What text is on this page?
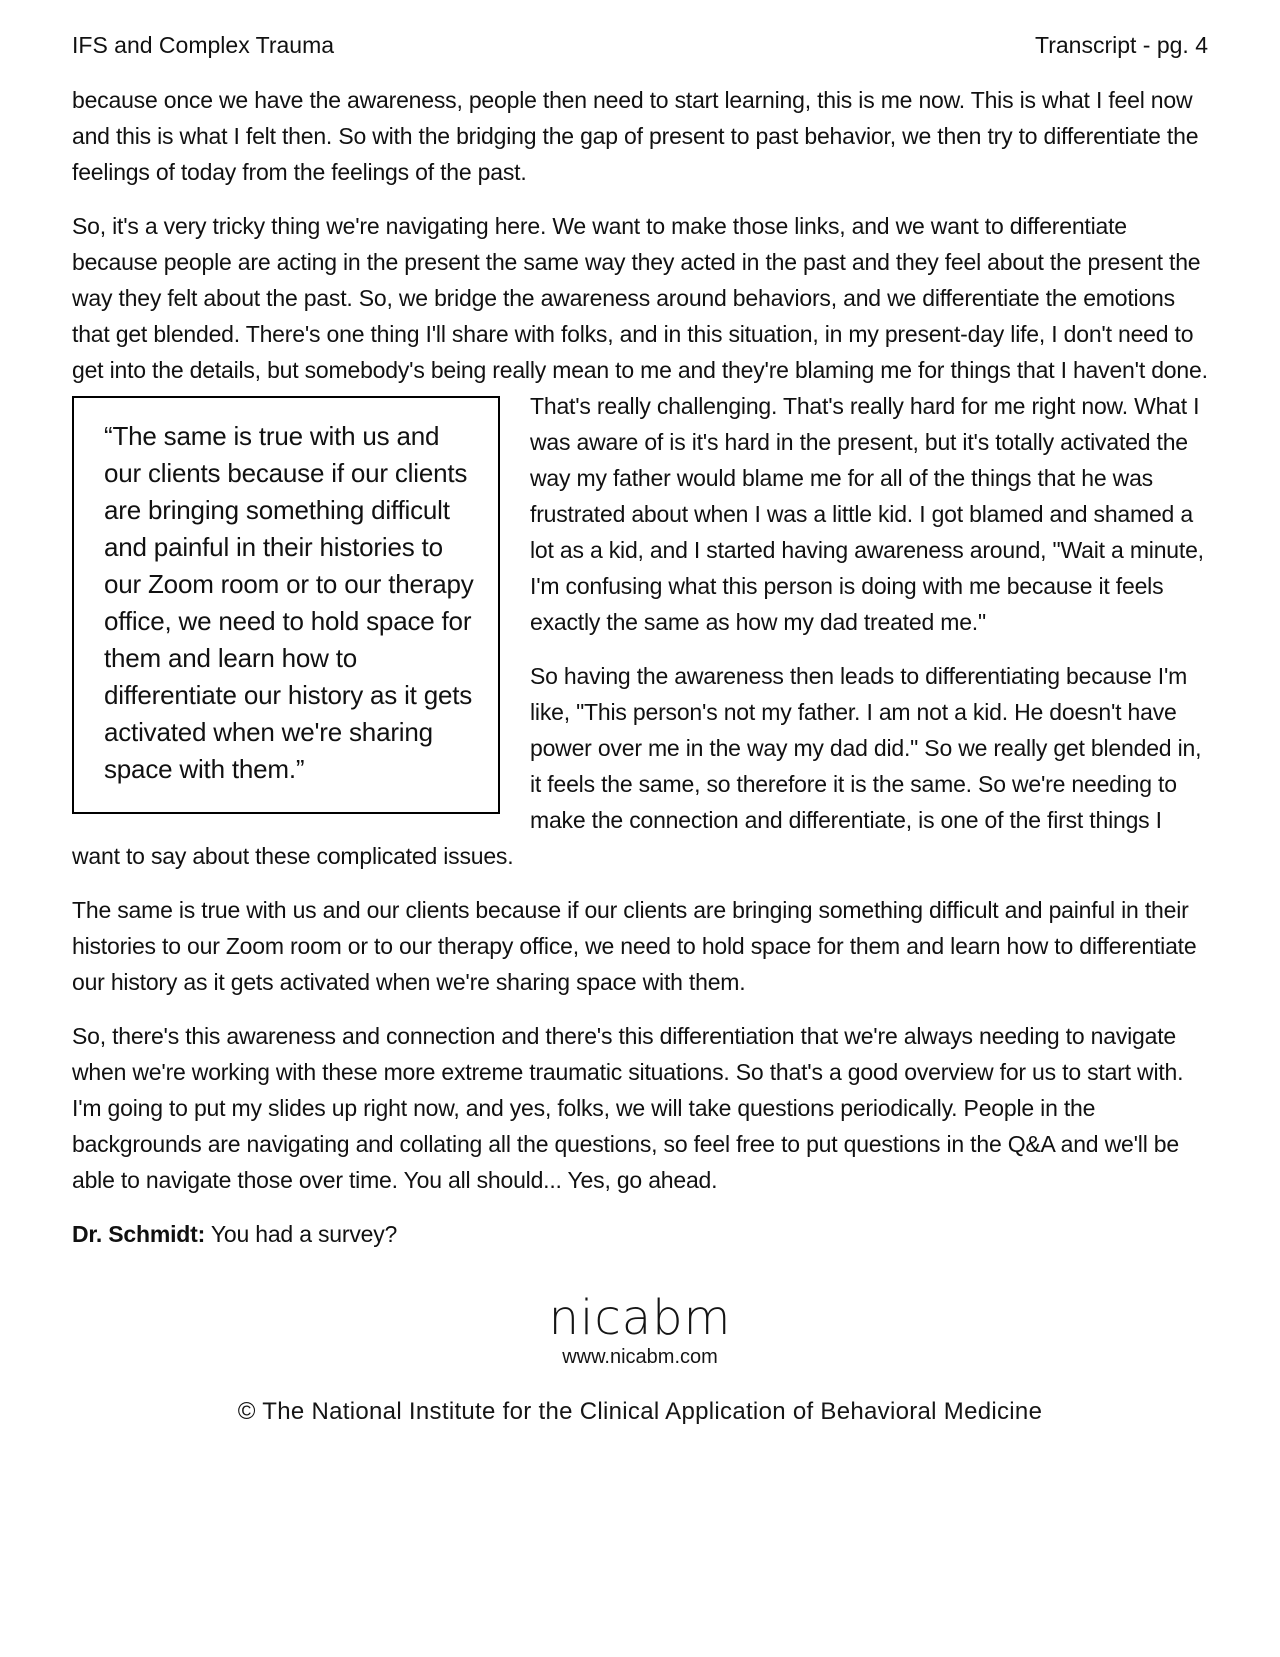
IFS and Complex Trauma	Transcript - pg. 4

because once we have the awareness, people then need to start learning, this is me now. This is what I feel now and this is what I felt then. So with the bridging the gap of present to past behavior, we then try to differentiate the feelings of today from the feelings of the past.

So, it's a very tricky thing we're navigating here. We want to make those links, and we want to differentiate because people are acting in the present the same way they acted in the past and they feel about the present the way they felt about the past. So, we bridge the awareness around behaviors, and we differentiate the emotions that get blended. There's one thing I'll share with folks, and in this situation, in my present-day life, I don't need to get into the details, but somebody's being really mean to me and they're blaming me for things that I

“The same is true with us and our clients because if our clients are bringing something difficult and painful in their histories to our Zoom room or to our therapy office, we need to hold space for them and learn how to differentiate our history as it gets activated when we're sharing space with them.”

haven't done. That's really challenging. That's really hard for me right now. What I was aware of is it's hard in the present, but it's totally activated the way my father would blame me for all of the things that he was frustrated about when I was a little kid. I got blamed and shamed a lot as a kid, and I started having awareness around, "Wait a minute, I'm confusing what this person is doing with me because it feels exactly the same as how my dad treated me."

So having the awareness then leads to differentiating because I'm like, "This person's not my father. I am not a kid. He doesn't have power over me in the way my dad did." So we really get blended in, it feels the same, so therefore it is the same. So we're needing to make the connection and differentiate, is one of the first things I want to say about these complicated issues.

The same is true with us and our clients because if our clients are bringing something difficult and painful in their histories to our Zoom room or to our therapy office, we need to hold space for them and learn how to differentiate our history as it gets activated when we're sharing space with them.

So, there's this awareness and connection and there's this differentiation that we're always needing to navigate when we're working with these more extreme traumatic situations. So that's a good overview for us to start with. I'm going to put my slides up right now, and yes, folks, we will take questions periodically. People in the backgrounds are navigating and collating all the questions, so feel free to put questions in the Q&A and we'll be able to navigate those over time. You all should... Yes, go ahead.

Dr. Schmidt: You had a survey?

nicabm
www.nicabm.com
© The National Institute for the Clinical Application of Behavioral Medicine
